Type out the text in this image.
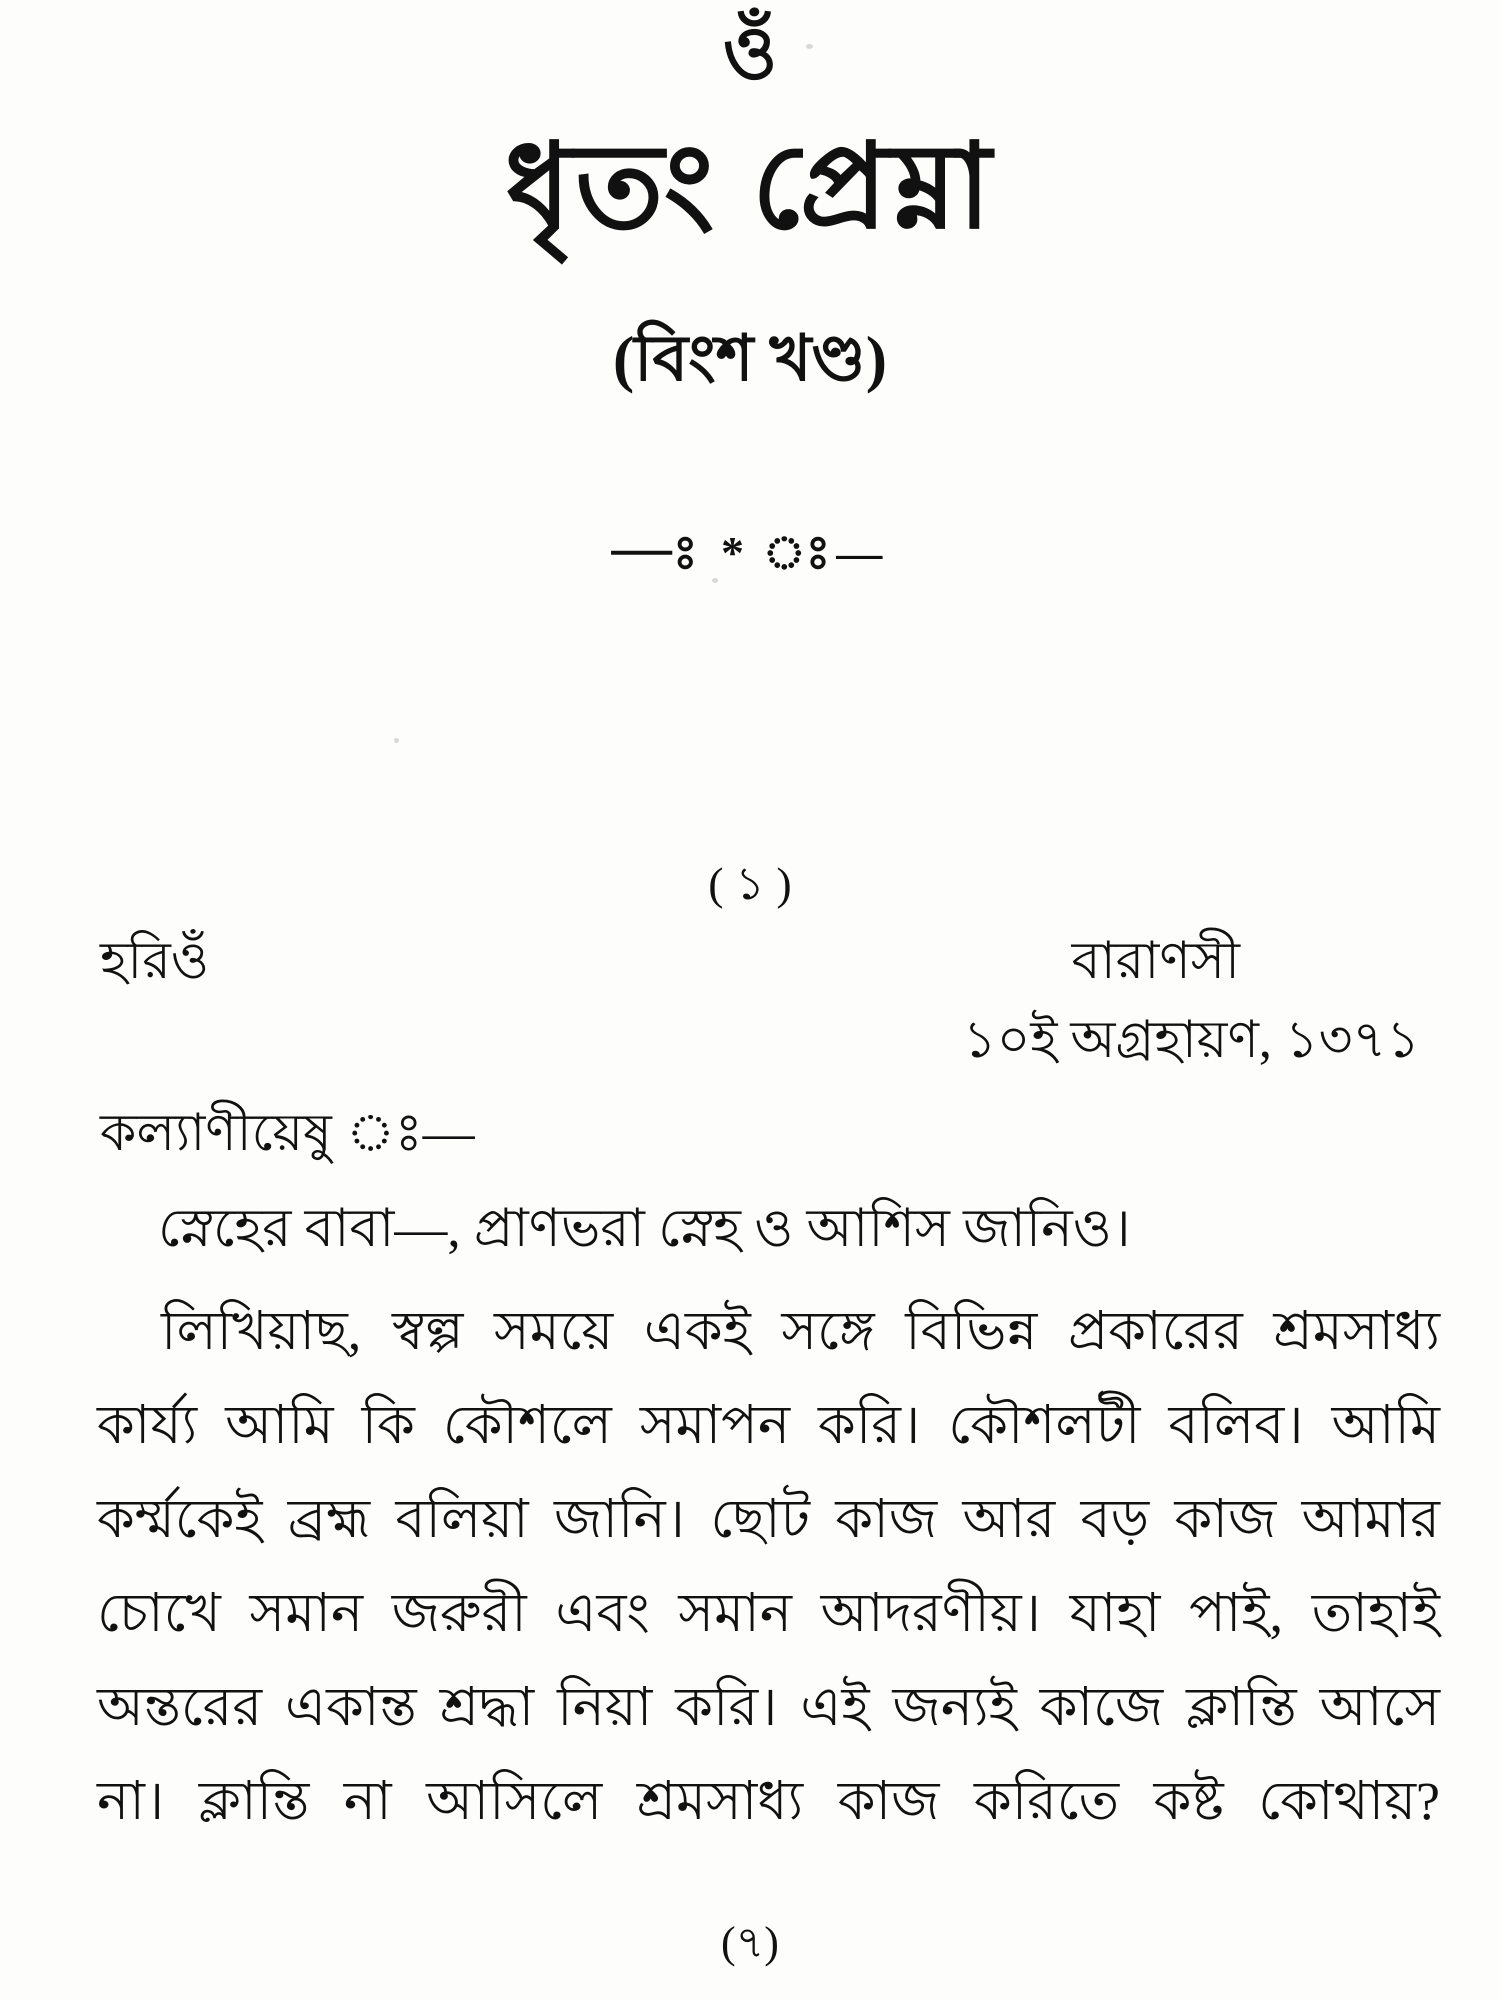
ওঁ
ধৃতং প্রেম্না
(বিংশ খণ্ড)
—ঃ * ঃ—
( ১ )
হরিওঁ	বারাণসী
১০ই অগ্রহায়ণ, ১৩৭১
কল্যাণীয়েষু ঃ—
স্নেহের বাবা—, প্রাণভরা স্নেহ ও আশিস জানিও।
লিখিয়াছ, স্বল্প সময়ে একই সঙ্গে বিভিন্ন প্রকারের শ্রমসাধ্য
কার্য্য আমি কি কৌশলে সমাপন করি। কৌশলটী বলিব। আমি
কর্ম্মকেই ব্রহ্ম বলিয়া জানি। ছোট কাজ আর বড় কাজ আমার
চোখে সমান জরুরী এবং সমান আদরণীয়। যাহা পাই, তাহাই
অন্তরের একান্ত শ্রদ্ধা নিয়া করি। এই জন্যই কাজে ক্লান্তি আসে
না। ক্লান্তি না আসিলে শ্রমসাধ্য কাজ করিতে কষ্ট কোথায়?
(৭)
